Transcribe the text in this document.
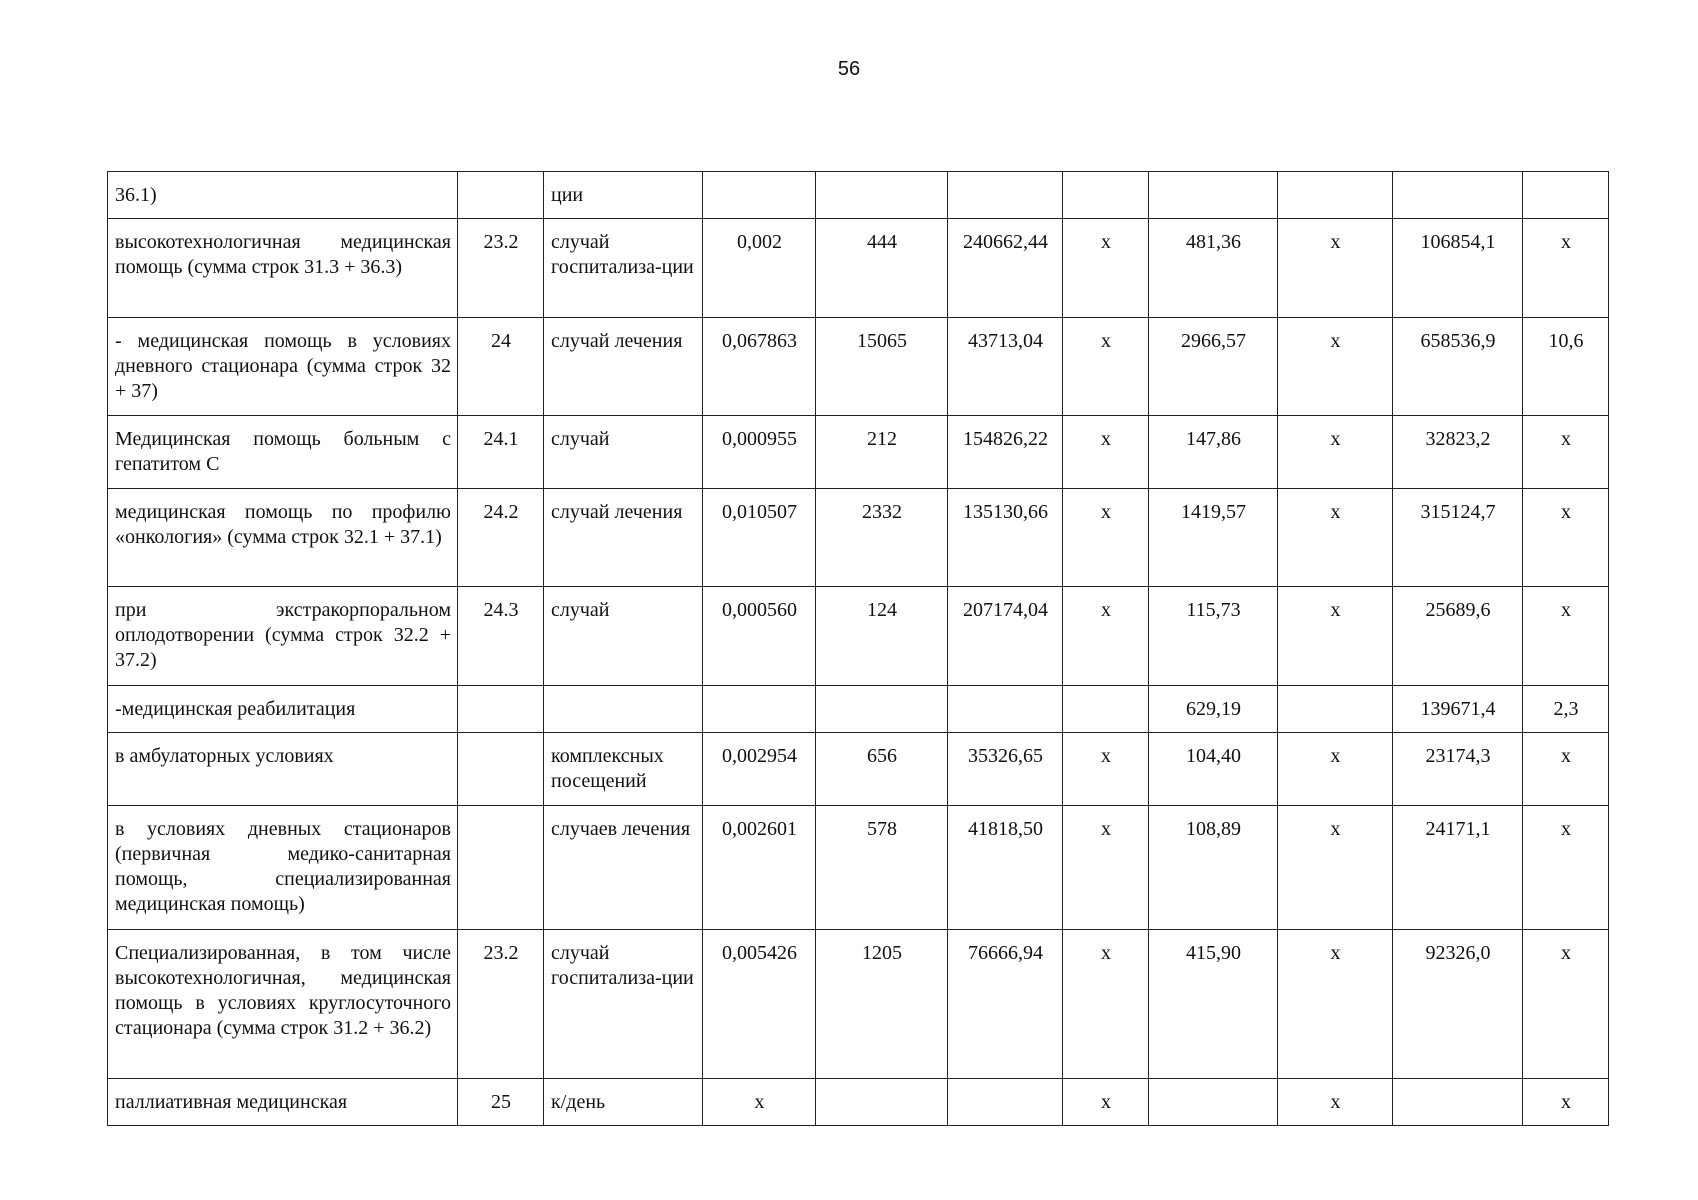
56
36.1)		ции								
высокотехнологичная медицинская помощь (сумма строк 31.3 + 36.3)	23.2	случай госпитализа-ции	0,002	444	240662,44	х	481,36	х	106854,1	х
- медицинская помощь в условиях дневного стационара (сумма строк 32 + 37)	24	случай лечения	0,067863	15065	43713,04	х	2966,57	х	658536,9	10,6
Медицинская помощь больным с гепатитом С	24.1	случай	0,000955	212	154826,22	х	147,86	х	32823,2	х
медицинская помощь по профилю «онкология» (сумма строк 32.1 + 37.1)	24.2	случай лечения	0,010507	2332	135130,66	х	1419,57	х	315124,7	х
при экстракорпоральном оплодотворении (сумма строк 32.2 + 37.2)	24.3	случай	0,000560	124	207174,04	х	115,73	х	25689,6	х
-медицинская реабилитация							629,19		139671,4	2,3
в амбулаторных условиях		комплексных посещений	0,002954	656	35326,65	х	104,40	х	23174,3	х
в условиях дневных стационаров (первичная медико-санитарная помощь, специализированная медицинская помощь)		случаев лечения	0,002601	578	41818,50	х	108,89	х	24171,1	х
Специализированная, в том числе высокотехнологичная, медицинская помощь в условиях круглосуточного стационара (сумма строк 31.2 + 36.2)	23.2	случай госпитализа-ции	0,005426	1205	76666,94	х	415,90	х	92326,0	х
паллиативная медицинская	25	к/день	х			х		х		х
